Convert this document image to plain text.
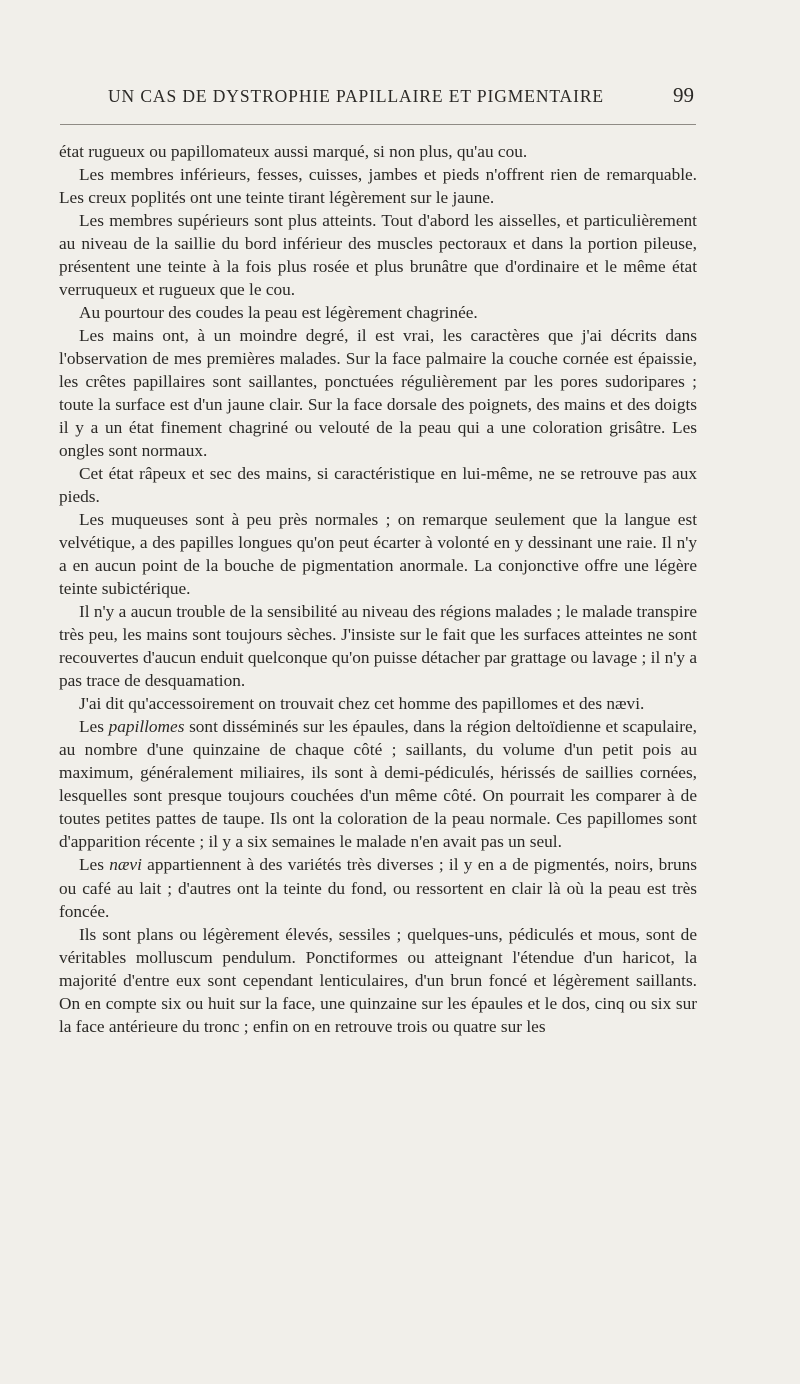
UN CAS DE DYSTROPHIE PAPILLAIRE ET PIGMENTAIRE	99

état rugueux ou papillomateux aussi marqué, si non plus, qu'au cou.

Les membres inférieurs, fesses, cuisses, jambes et pieds n'offrent rien de remarquable. Les creux poplités ont une teinte tirant légèrement sur le jaune.

Les membres supérieurs sont plus atteints. Tout d'abord les aisselles, et particulièrement au niveau de la saillie du bord inférieur des muscles pectoraux et dans la portion pileuse, présentent une teinte à la fois plus rosée et plus brunâtre que d'ordinaire et le même état verruqueux et rugueux que le cou.

Au pourtour des coudes la peau est légèrement chagrinée.

Les mains ont, à un moindre degré, il est vrai, les caractères que j'ai décrits dans l'observation de mes premières malades. Sur la face palmaire la couche cornée est épaissie, les crêtes papillaires sont saillantes, ponctuées régulièrement par les pores sudoripares ; toute la surface est d'un jaune clair. Sur la face dorsale des poignets, des mains et des doigts il y a un état finement chagriné ou velouté de la peau qui a une coloration grisâtre. Les ongles sont normaux.

Cet état râpeux et sec des mains, si caractéristique en lui-même, ne se retrouve pas aux pieds.

Les muqueuses sont à peu près normales ; on remarque seulement que la langue est velvétique, a des papilles longues qu'on peut écarter à volonté en y dessinant une raie. Il n'y a en aucun point de la bouche de pigmentation anormale. La conjonctive offre une légère teinte subictérique.

Il n'y a aucun trouble de la sensibilité au niveau des régions malades ; le malade transpire très peu, les mains sont toujours sèches. J'insiste sur le fait que les surfaces atteintes ne sont recouvertes d'aucun enduit quelconque qu'on puisse détacher par grattage ou lavage ; il n'y a pas trace de desquamation.

J'ai dit qu'accessoirement on trouvait chez cet homme des papillomes et des nævi.

Les papillomes sont disséminés sur les épaules, dans la région deltoïdienne et scapulaire, au nombre d'une quinzaine de chaque côté ; saillants, du volume d'un petit pois au maximum, généralement miliaires, ils sont à demi-pédiculés, hérissés de saillies cornées, lesquelles sont presque toujours couchées d'un même côté. On pourrait les comparer à de toutes petites pattes de taupe. Ils ont la coloration de la peau normale. Ces papillomes sont d'apparition récente ; il y a six semaines le malade n'en avait pas un seul.

Les nævi appartiennent à des variétés très diverses ; il y en a de pigmentés, noirs, bruns ou café au lait ; d'autres ont la teinte du fond, ou ressortent en clair là où la peau est très foncée.

Ils sont plans ou légèrement élevés, sessiles ; quelques-uns, pédiculés et mous, sont de véritables molluscum pendulum. Ponctiformes ou atteignant l'étendue d'un haricot, la majorité d'entre eux sont cependant lenticulaires, d'un brun foncé et légèrement saillants. On en compte six ou huit sur la face, une quinzaine sur les épaules et le dos, cinq ou six sur la face antérieure du tronc ; enfin on en retrouve trois ou quatre sur les
